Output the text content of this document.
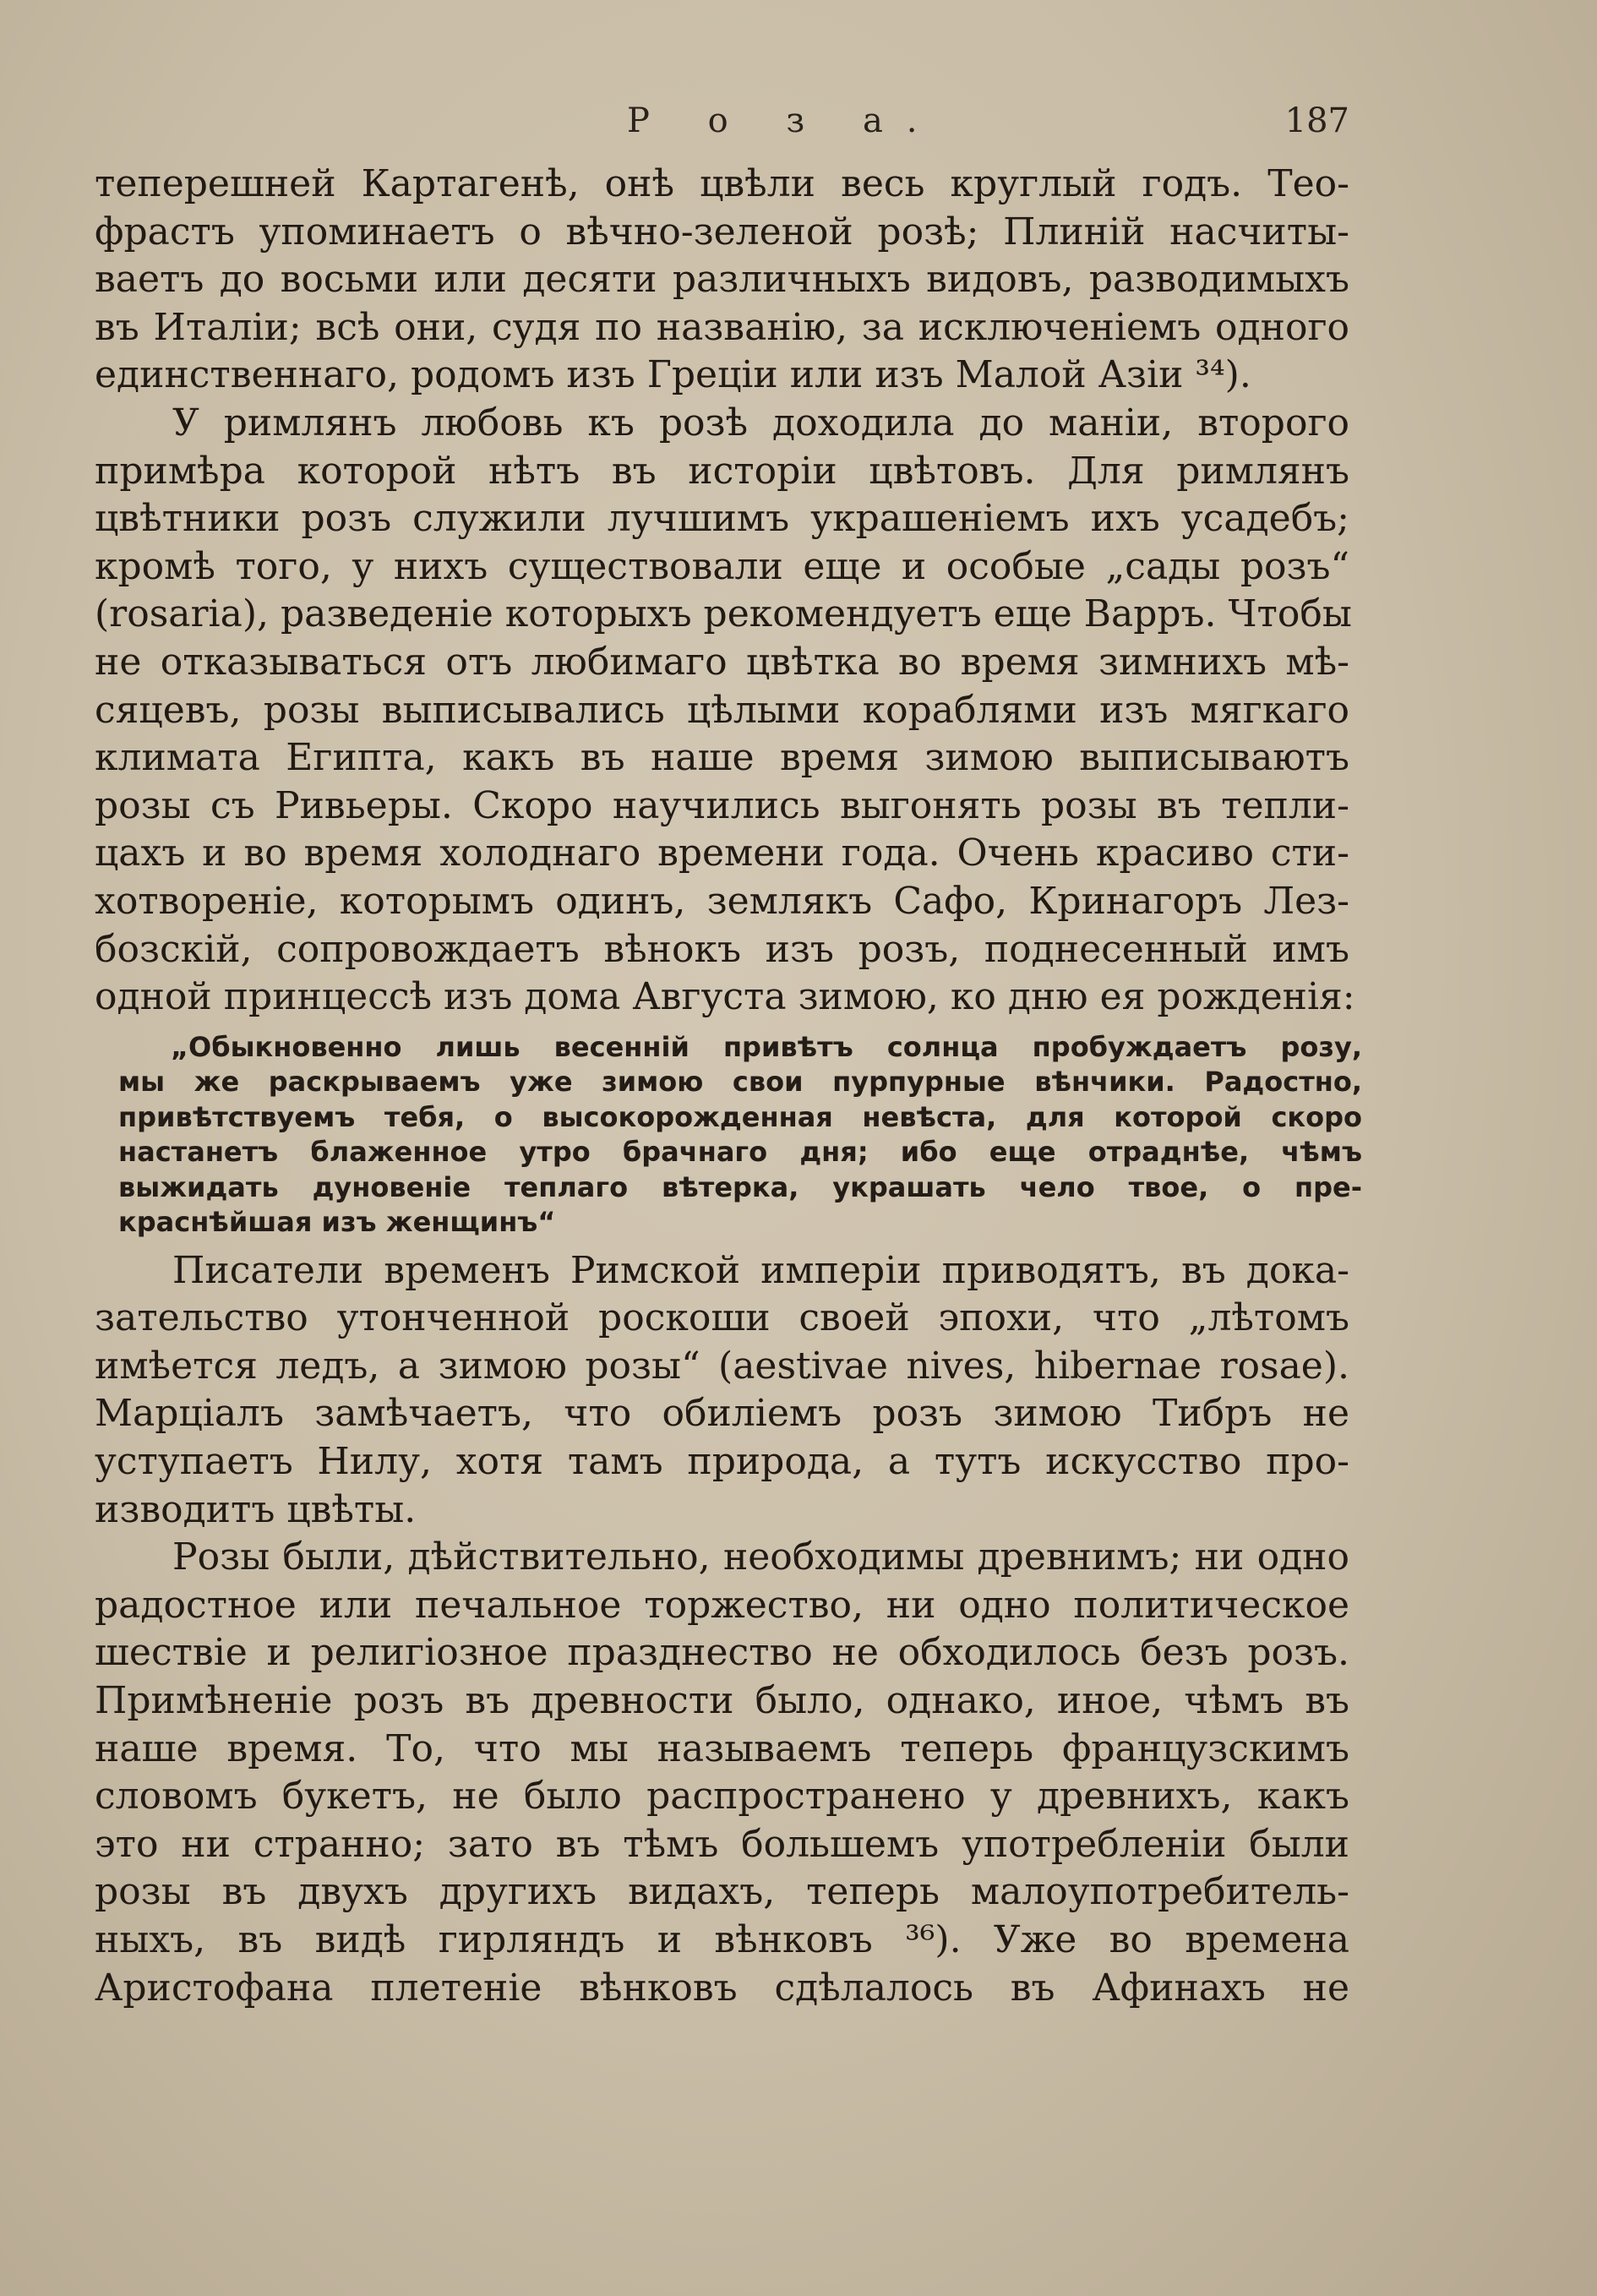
Р о з а.	187
теперешней Картагенѣ, онѣ цвѣли весь круглый годъ. Тео-
фрастъ упоминаетъ о вѣчно-зеленой розѣ; Плиній насчиты-
ваетъ до восьми или десяти различныхъ видовъ, разводимыхъ
въ Италіи; всѣ они, судя по названію, за исключеніемъ одного
единственнаго, родомъ изъ Греціи или изъ Малой Азіи ³⁴).
У римлянъ любовь къ розѣ доходила до маніи, второго
примѣра которой нѣтъ въ исторіи цвѣтовъ. Для римлянъ
цвѣтники розъ служили лучшимъ украшеніемъ ихъ усадебъ;
кромѣ того, у нихъ существовали еще и особые „сады розъ“
(rosaria), разведеніе которыхъ рекомендуетъ еще Варръ. Чтобы
не отказываться отъ любимаго цвѣтка во время зимнихъ мѣ-
сяцевъ, розы выписывались цѣлыми кораблями изъ мягкаго
климата Египта, какъ въ наше время зимою выписываютъ
розы съ Ривьеры. Скоро научились выгонять розы въ тепли-
цахъ и во время холоднаго времени года. Очень красиво сти-
хотвореніе, которымъ одинъ, землякъ Сафо, Кринагоръ Лез-
бозскій, сопровождаетъ вѣнокъ изъ розъ, поднесенный имъ
одной принцессѣ изъ дома Августа зимою, ко дню ея рожденія:
„Обыкновенно лишь весенній привѣтъ солнца пробуждаетъ розу,
мы же раскрываемъ уже зимою свои пурпурные вѣнчики. Радостно,
привѣтствуемъ тебя, о высокорожденная невѣста, для которой скоро
настанетъ блаженное утро брачнаго дня; ибо еще отраднѣе, чѣмъ
выжидать дуновеніе теплаго вѣтерка, украшать чело твое, о пре-
краснѣйшая изъ женщинъ“
Писатели временъ Римской имперіи приводятъ, въ дока-
зательство утонченной роскоши своей эпохи, что „лѣтомъ
имѣется ледъ, а зимою розы“ (aestivae nives, hibernae rosae).
Марціалъ замѣчаетъ, что обиліемъ розъ зимою Тибръ не
уступаетъ Нилу, хотя тамъ природа, а тутъ искусство про-
изводитъ цвѣты.
Розы были, дѣйствительно, необходимы древнимъ; ни одно
радостное или печальное торжество, ни одно политическое
шествіе и религіозное празднество не обходилось безъ розъ.
Примѣненіе розъ въ древности было, однако, иное, чѣмъ въ
наше время. То, что мы называемъ теперь французскимъ
словомъ букетъ, не было распространено у древнихъ, какъ
это ни странно; зато въ тѣмъ большемъ употребленіи были
розы въ двухъ другихъ видахъ, теперь малоупотребитель-
ныхъ, въ видѣ гирляндъ и вѣнковъ ³⁶). Уже во времена
Аристофана плетеніе вѣнковъ сдѣлалось въ Афинахъ не
